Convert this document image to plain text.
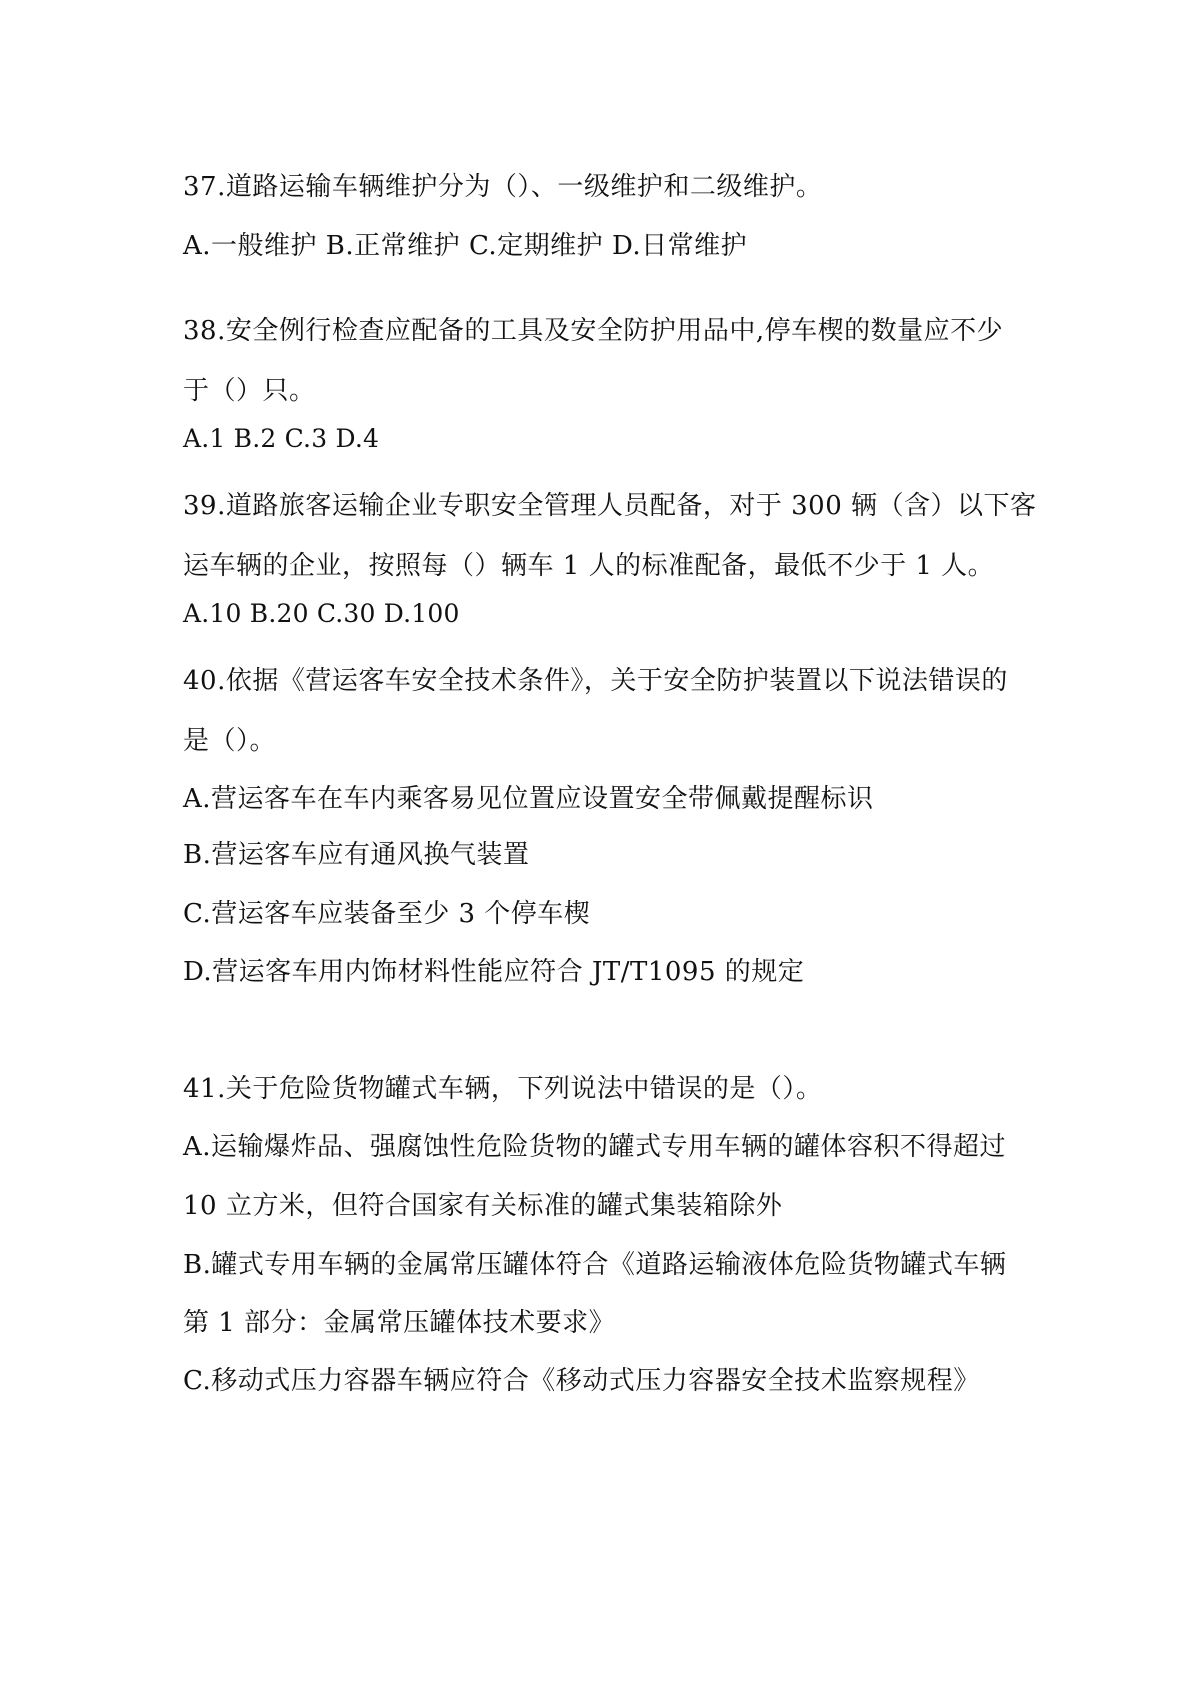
37.道路运输车辆维护分为（）、一级维护和二级维护。
A.一般维护 B.正常维护 C.定期维护 D.日常维护
38.安全例行检查应配备的工具及安全防护用品中,停车楔的数量应不少
于（）只。
A.1 B.2 C.3 D.4
39.道路旅客运输企业专职安全管理人员配备，对于 300 辆（含）以下客
运车辆的企业，按照每（）辆车 1 人的标准配备，最低不少于 1 人。
A.10 B.20 C.30 D.100
40.依据《营运客车安全技术条件》，关于安全防护装置以下说法错误的
是（）。
A.营运客车在车内乘客易见位置应设置安全带佩戴提醒标识
B.营运客车应有通风换气装置
C.营运客车应装备至少 3 个停车楔
D.营运客车用内饰材料性能应符合 JT/T1095 的规定
41.关于危险货物罐式车辆，下列说法中错误的是（）。
A.运输爆炸品、强腐蚀性危险货物的罐式专用车辆的罐体容积不得超过
10 立方米，但符合国家有关标准的罐式集装箱除外
B.罐式专用车辆的金属常压罐体符合《道路运输液体危险货物罐式车辆
第 1 部分：金属常压罐体技术要求》
C.移动式压力容器车辆应符合《移动式压力容器安全技术监察规程》
